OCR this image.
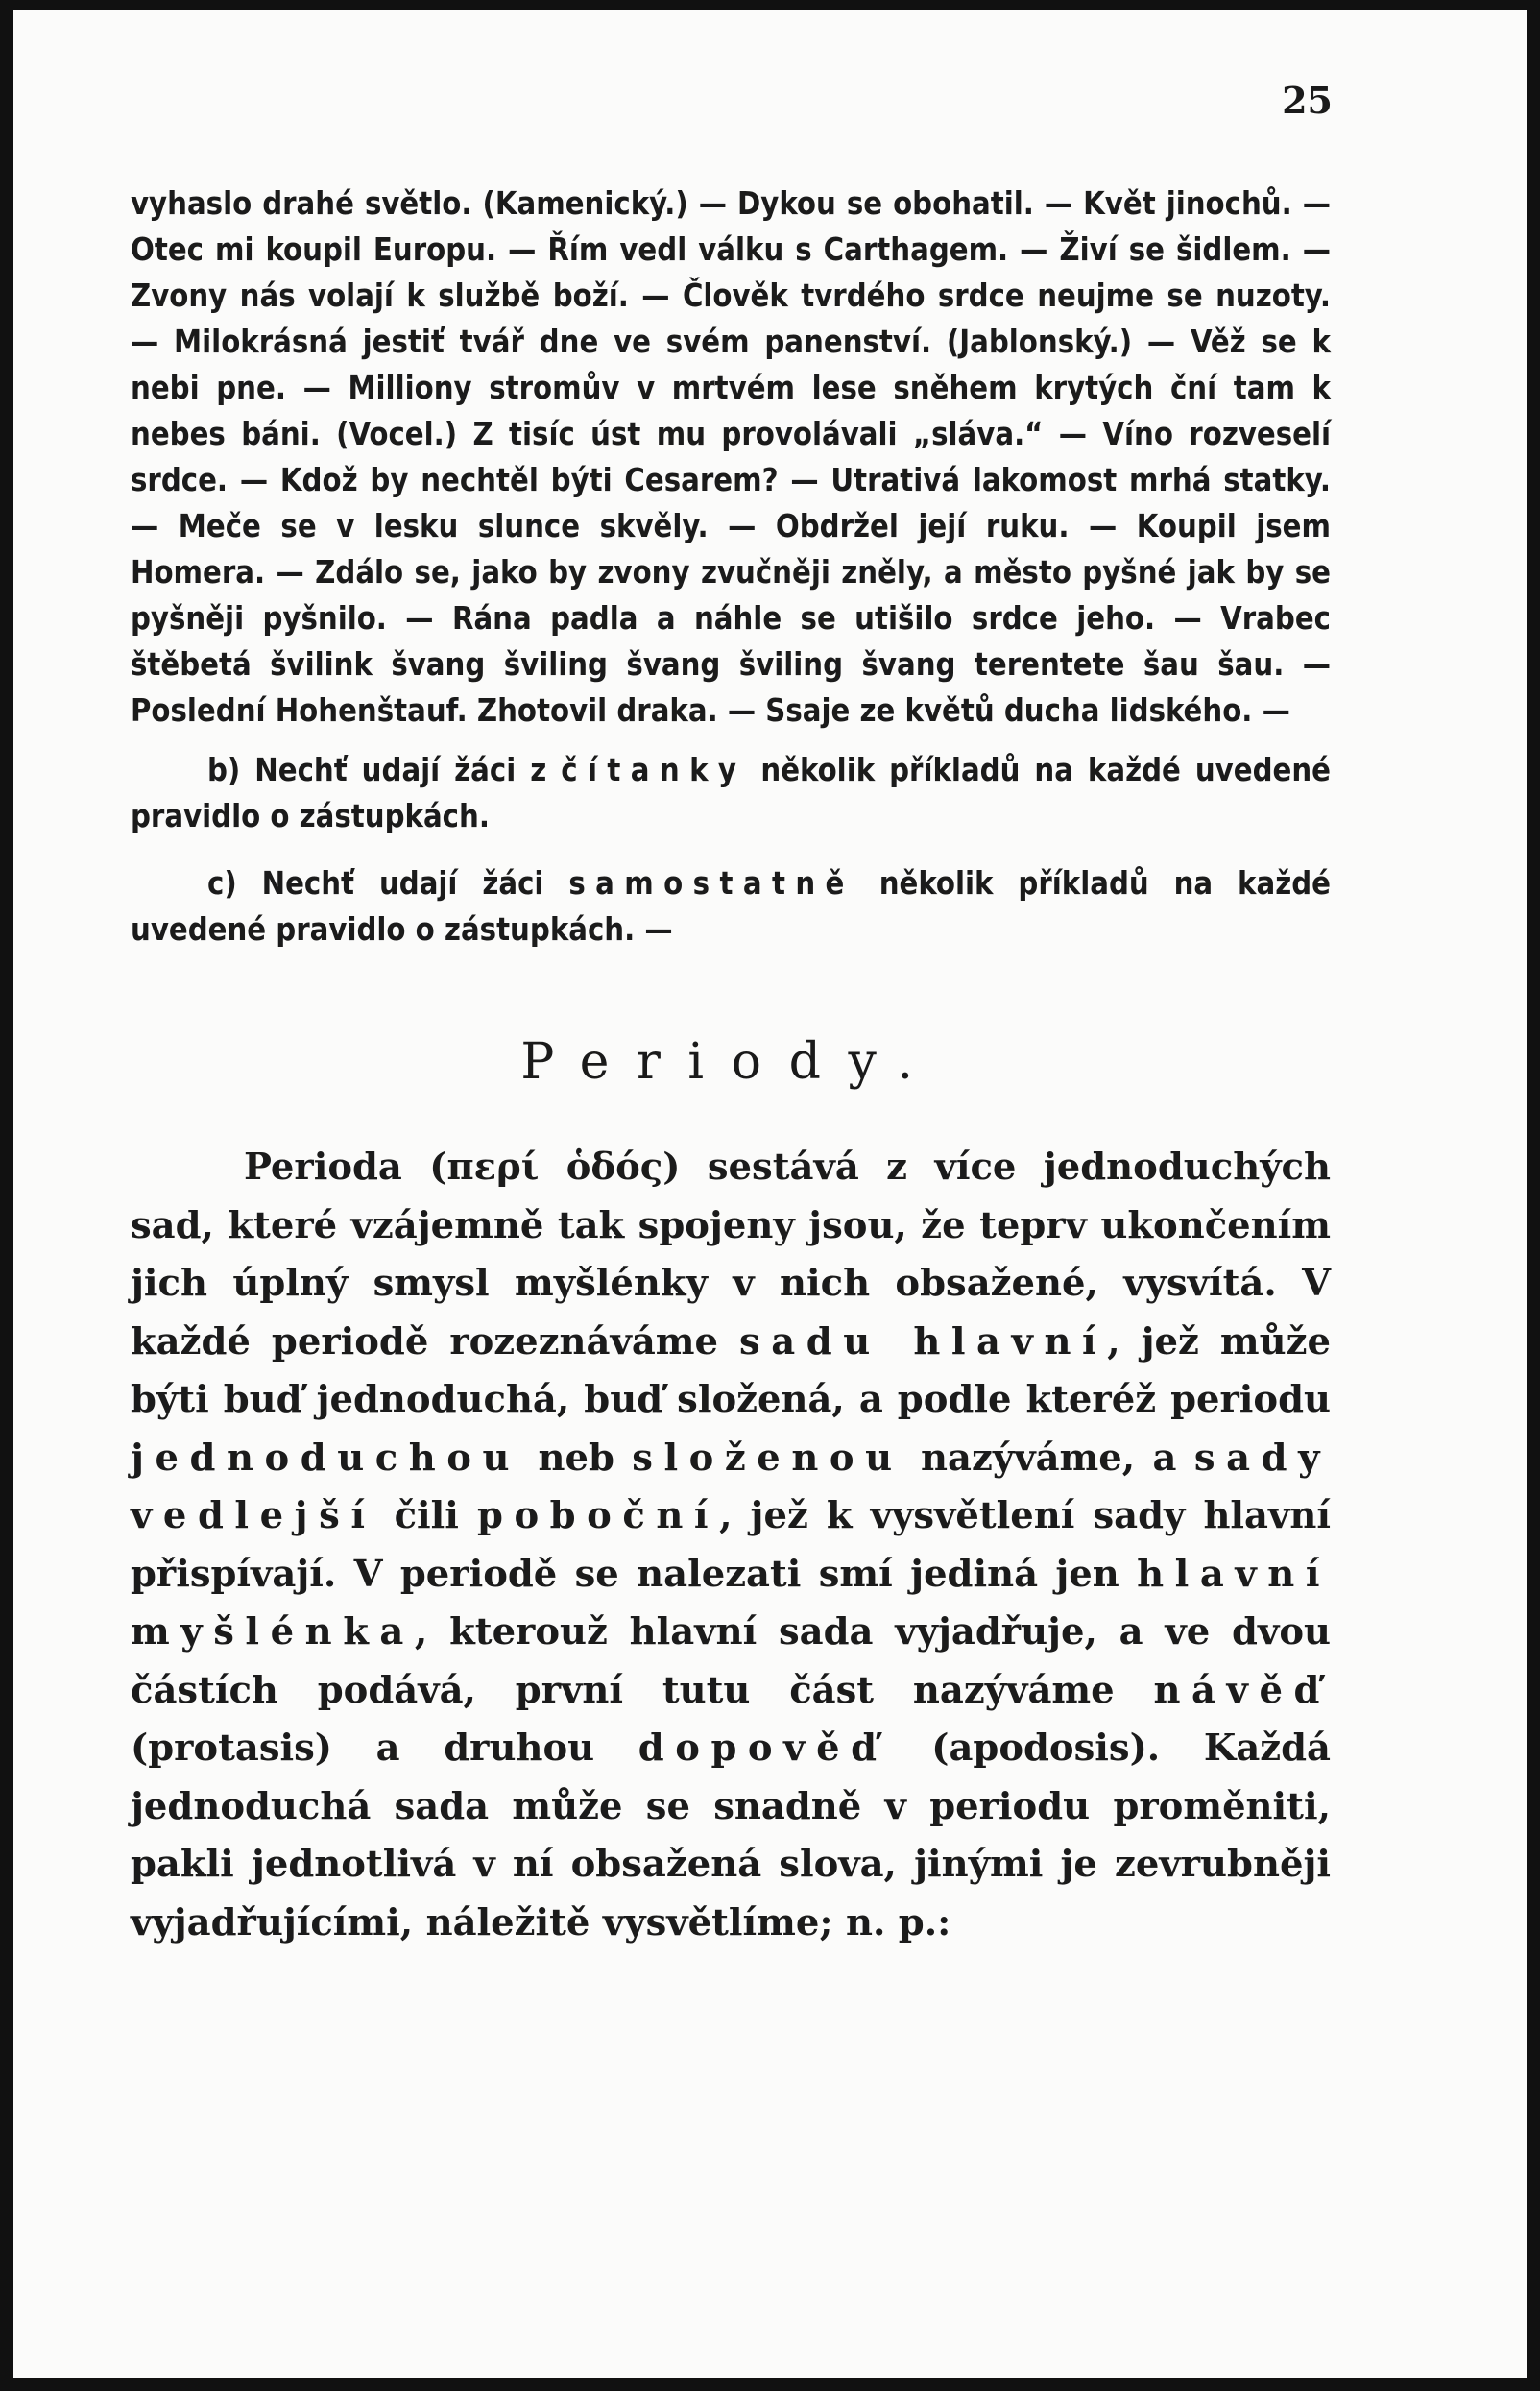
25

vyhaslo drahé světlo. (Kamenický.) — Dykou se obohatil. — Květ jinochů. — Otec mi koupil Europu. — Řím vedl válku s Carthagem. — Živí se šidlem. — Zvony nás volají k službě boží. — Člověk tvrdého srdce neujme se nuzoty. — Milokrásná jestiť tvář dne ve svém panenství. (Jablonský.) — Věž se k nebi pne. — Milliony stromův v mrtvém lese sněhem krytých ční tam k nebes báni. (Vocel.) Z tisíc úst mu provolávali „sláva.“ — Víno rozveselí srdce. — Kdož by nechtěl býti Cesarem? — Utrativá lakomost mrhá statky. — Meče se v lesku slunce skvěly. — Obdržel její ruku. — Koupil jsem Homera. — Zdálo se, jako by zvony zvučněji zněly, a město pyšné jak by se pyšněji pyšnilo. — Rána padla a náhle se utišilo srdce jeho. — Vrabec štěbetá švilink švang šviling švang šviling švang terentete šau šau. — Poslední Hohenštauf. Zhotovil draka. — Ssaje ze květů ducha lidského. —

b) Nechť udají žáci z čítanky několik příkladů na každé uvedené pravidlo o zástupkách.

c) Nechť udají žáci samostatně několik příkladů na každé uvedené pravidlo o zástupkách. —

Periody.

Perioda (περί ὁδός) sestává z více jednoduchých sad, které vzájemně tak spojeny jsou, že teprv ukončením jich úplný smysl myšlénky v nich obsažené, vysvítá. V každé periodě rozeznáváme sadu hlavní, jež může býti buď jednoduchá, buď složená, a podle kteréž periodu jednoduchou neb složenou nazýváme, a sady vedlejší čili poboční, jež k vysvětlení sady hlavní přispívají. V periodě se nalezati smí jediná jen hlavní myšlénka, kterouž hlavní sada vyjadřuje, a ve dvou částích podává, první tutu část nazýváme návěď (protasis) a druhou dopověď (apodosis). Každá jednoduchá sada může se snadně v periodu proměniti, pakli jednotlivá v ní obsažená slova, jinými je zevrubněji vyjadřujícími, náležitě vysvětlíme; n. p.:
